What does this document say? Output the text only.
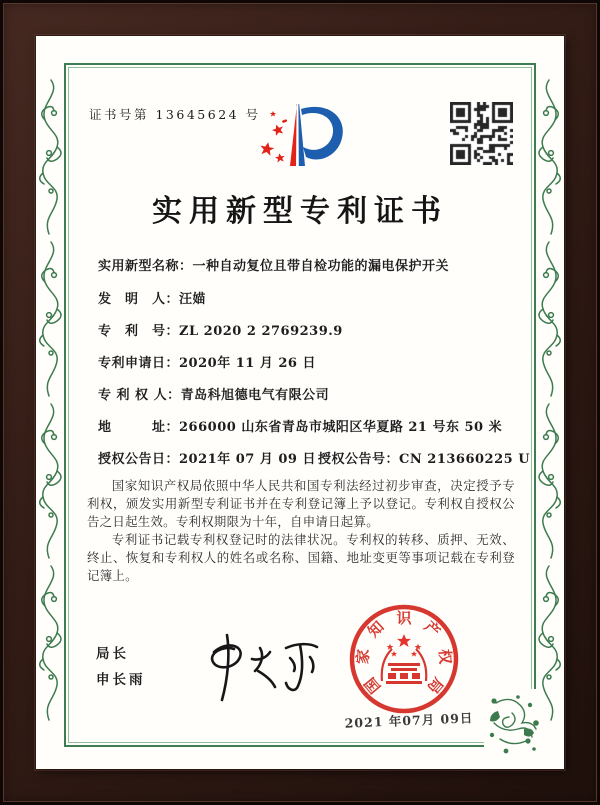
证书号第 13645624 号
实用新型专利证书
实用新型名称：一种自动复位且带自检功能的漏电保护开关
发　明　人：汪媌
专　利　号：ZL 2020 2 2769239.9
专利申请日：2020年 11 月 26 日
专 利 权 人：青岛科旭德电气有限公司
地　　　址：266000 山东省青岛市城阳区华夏路 21 号东 50 米
授权公告日：2021年 07 月 09 日 授权公告号：CN 213660225 U

国家知识产权局依照中华人民共和国专利法经过初步审查，决定授予专利权，颁发实用新型专利证书并在专利登记簿上予以登记。专利权自授权公告之日起生效。专利权期限为十年，自申请日起算。

专利证书记载专利权登记时的法律状况。专利权的转移、质押、无效、终止、恢复和专利权人的姓名或名称、国籍、地址变更等事项记载在专利登记簿上。

局长
申长雨	国
家
知 识 产
权
局
2021 年07月 09日
